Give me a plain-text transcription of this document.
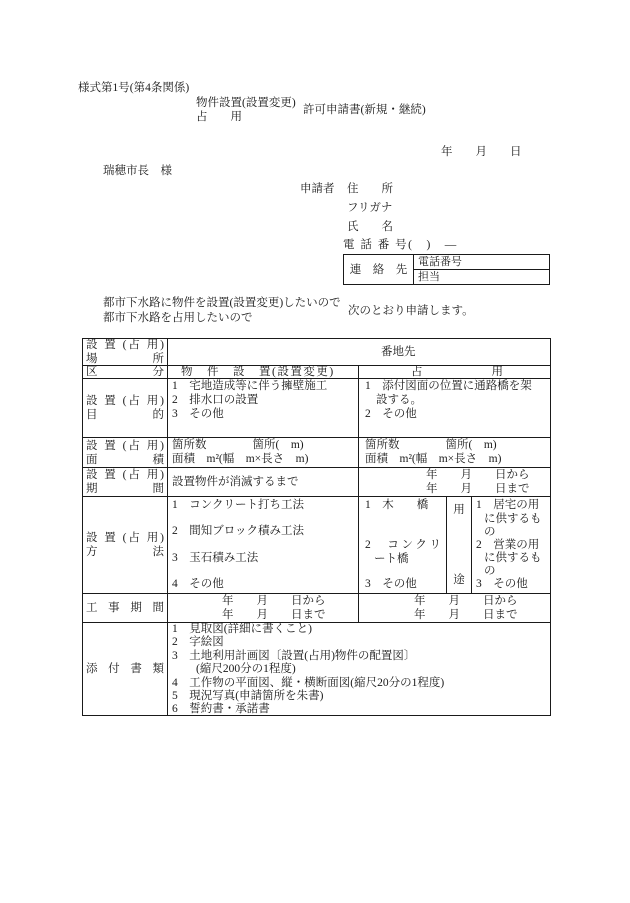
様式第1号(第4条関係)
物件設置(設置変更)
占　　用
許可申請書(新規・継続)
年　　月　　日
瑞穂市長　様
申請者 住　　所
フリガナ
氏　　名
電 話 番 号(　)　—
連　絡　先
電話番号
担当
都市下水路に物件を設置(設置変更)したいので
都市下水路を占用したいので
次のとおり申請します。
設 置 (占 用)
場　　　所
番地先
区　　　分 物　件　設　置(設置変更)	占　　　　　　用
設 置 (占 用)
目　　　的
1　宅地造成等に伴う擁壁施工
2　排水口の設置
3　その他
1　添付図面の位置に通路橋を架
設する。
2　その他
設 置 (占 用)
面　　　積
箇所数　　　　箇所(　m)
面積　m²(幅　m×長さ　m)
箇所数　　　　箇所(　m)
面積　m²(幅　m×長さ　m)
設 置 (占 用)
期　　　間
設置物件が消滅するまで
年　　月　　日から
年　　月　　日まで
設 置 (占 用)
方　　　法
1　コンクリート打ち工法
2　間知ブロック積み工法
3　玉石積み工法
4　その他
1　木　　橋
2　コンクリ
ート橋
3　その他
用
途
1　居宅の用
に供するも
の
2　営業の用
に供するも
の
3　その他
工 事 期 間
年　　月　　日から
年　　月　　日まで
年　　月　　日から
年　　月　　日まで
添 付 書 類
1　見取図(詳細に書くこと)
2　字絵図
3　土地利用計画図〔設置(占用)物件の配置図〕
(縮尺200分の1程度)
4　工作物の平面図、縦・横断面図(縮尺20分の1程度)
5　現況写真(申請箇所を朱書)
6　誓約書・承諾書
